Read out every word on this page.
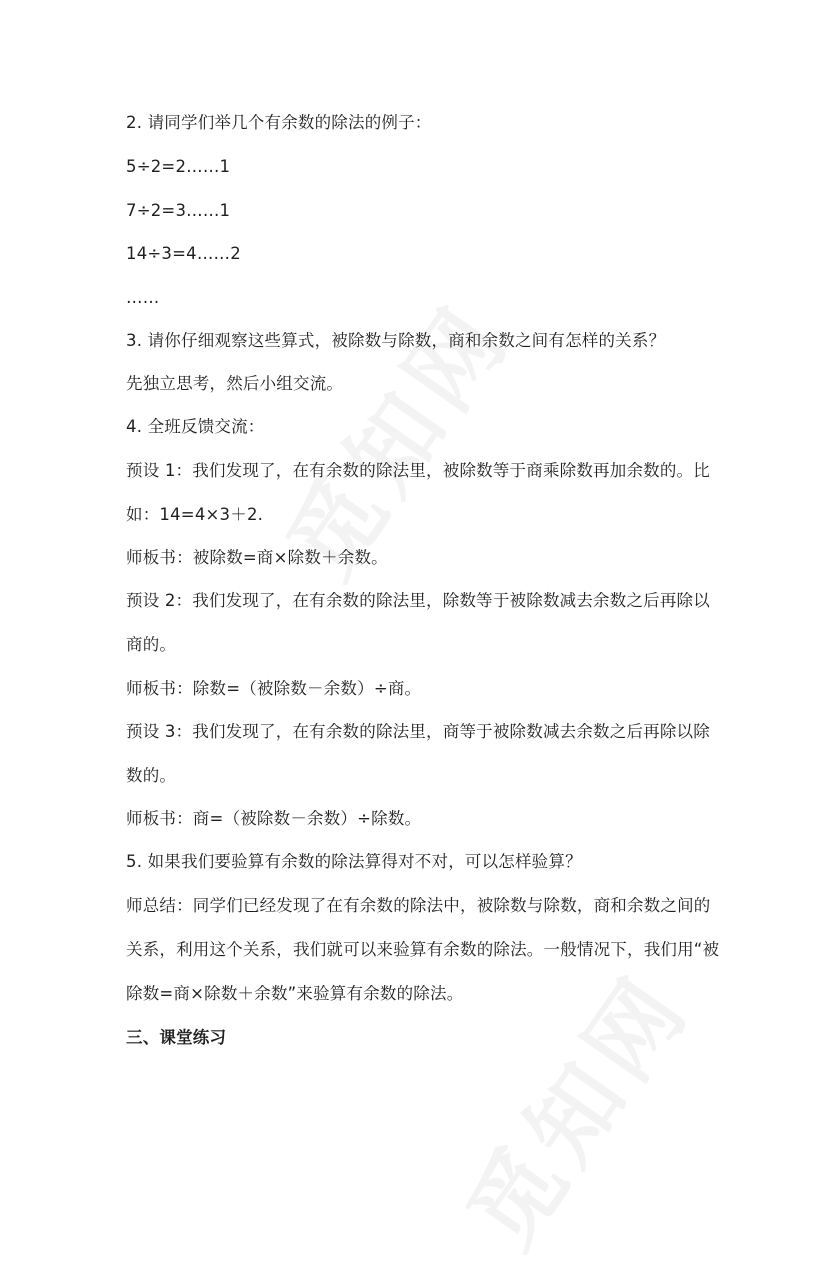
2. 请同学们举几个有余数的除法的例子：
5÷2=2……1
7÷2=3……1
14÷3=4……2
……
3. 请你仔细观察这些算式，被除数与除数，商和余数之间有怎样的关系？
先独立思考，然后小组交流。
4. 全班反馈交流：
预设 1：我们发现了，在有余数的除法里，被除数等于商乘除数再加余数的。比
如：14=4×3＋2.
师板书：被除数=商×除数＋余数。
预设 2：我们发现了，在有余数的除法里，除数等于被除数减去余数之后再除以
商的。
师板书：除数=（被除数－余数）÷商。
预设 3：我们发现了，在有余数的除法里，商等于被除数减去余数之后再除以除
数的。
师板书：商=（被除数－余数）÷除数。
5. 如果我们要验算有余数的除法算得对不对，可以怎样验算？
师总结：同学们已经发现了在有余数的除法中，被除数与除数，商和余数之间的
关系，利用这个关系，我们就可以来验算有余数的除法。一般情况下，我们用“被
除数=商×除数＋余数”来验算有余数的除法。
三、课堂练习
